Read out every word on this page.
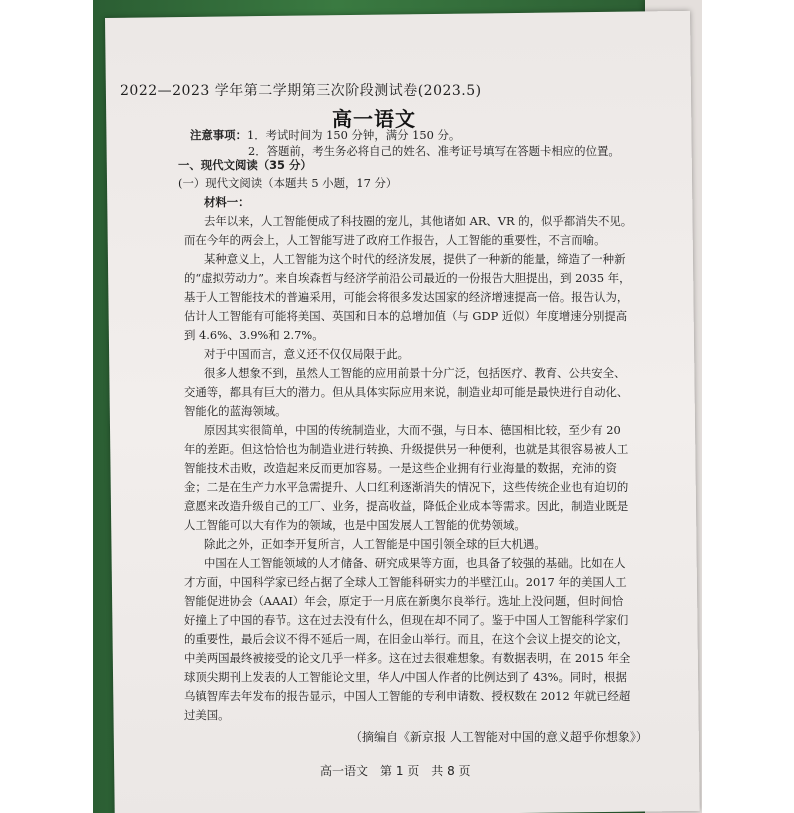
2022—2023 学年第二学期第三次阶段测试卷(2023.5)
高一语文
注意事项：1．考试时间为 150 分钟，满分 150 分。
2．答题前，考生务必将自己的姓名、准考证号填写在答题卡相应的位置。
一、现代文阅读（35 分）
(一）现代文阅读（本题共 5 小题，17 分）
材料一：
去年以来，人工智能便成了科技圈的宠儿，其他诸如 AR、VR 的，似乎都消失不见。
而在今年的两会上，人工智能写进了政府工作报告，人工智能的重要性，不言而喻。
某种意义上，人工智能为这个时代的经济发展，提供了一种新的能量，缔造了一种新
的“虚拟劳动力”。来自埃森哲与经济学前沿公司最近的一份报告大胆提出，到 2035 年，
基于人工智能技术的普遍采用，可能会将很多发达国家的经济增速提高一倍。报告认为，
估计人工智能有可能将美国、英国和日本的总增加值（与 GDP 近似）年度增速分别提高
到 4.6%、3.9%和 2.7%。
对于中国而言，意义还不仅仅局限于此。
很多人想象不到，虽然人工智能的应用前景十分广泛，包括医疗、教育、公共安全、
交通等，都具有巨大的潜力。但从具体实际应用来说，制造业却可能是最快进行自动化、
智能化的蓝海领域。
原因其实很简单，中国的传统制造业，大而不强，与日本、德国相比较，至少有 20
年的差距。但这恰恰也为制造业进行转换、升级提供另一种便利，也就是其很容易被人工
智能技术击败，改造起来反而更加容易。一是这些企业拥有行业海量的数据，充沛的资
金；二是在生产力水平急需提升、人口红利逐渐消失的情况下，这些传统企业也有迫切的
意愿来改造升级自己的工厂、业务，提高收益，降低企业成本等需求。因此，制造业既是
人工智能可以大有作为的领域，也是中国发展人工智能的优势领域。
除此之外，正如李开复所言，人工智能是中国引领全球的巨大机遇。
中国在人工智能领域的人才储备、研究成果等方面，也具备了较强的基础。比如在人
才方面，中国科学家已经占据了全球人工智能科研实力的半壁江山。2017 年的美国人工
智能促进协会（AAAI）年会，原定于一月底在新奥尔良举行。选址上没问题，但时间恰
好撞上了中国的春节。这在过去没有什么，但现在却不同了。鉴于中国人工智能科学家们
的重要性，最后会议不得不延后一周，在旧金山举行。而且，在这个会议上提交的论文，
中美两国最终被接受的论文几乎一样多。这在过去很难想象。有数据表明，在 2015 年全
球顶尖期刊上发表的人工智能论文里，华人/中国人作者的比例达到了 43%。同时，根据
乌镇智库去年发布的报告显示，中国人工智能的专利申请数、授权数在 2012 年就已经超
过美国。
（摘编自《新京报 人工智能对中国的意义超乎你想象》）
高一语文　第 1 页　共 8 页
